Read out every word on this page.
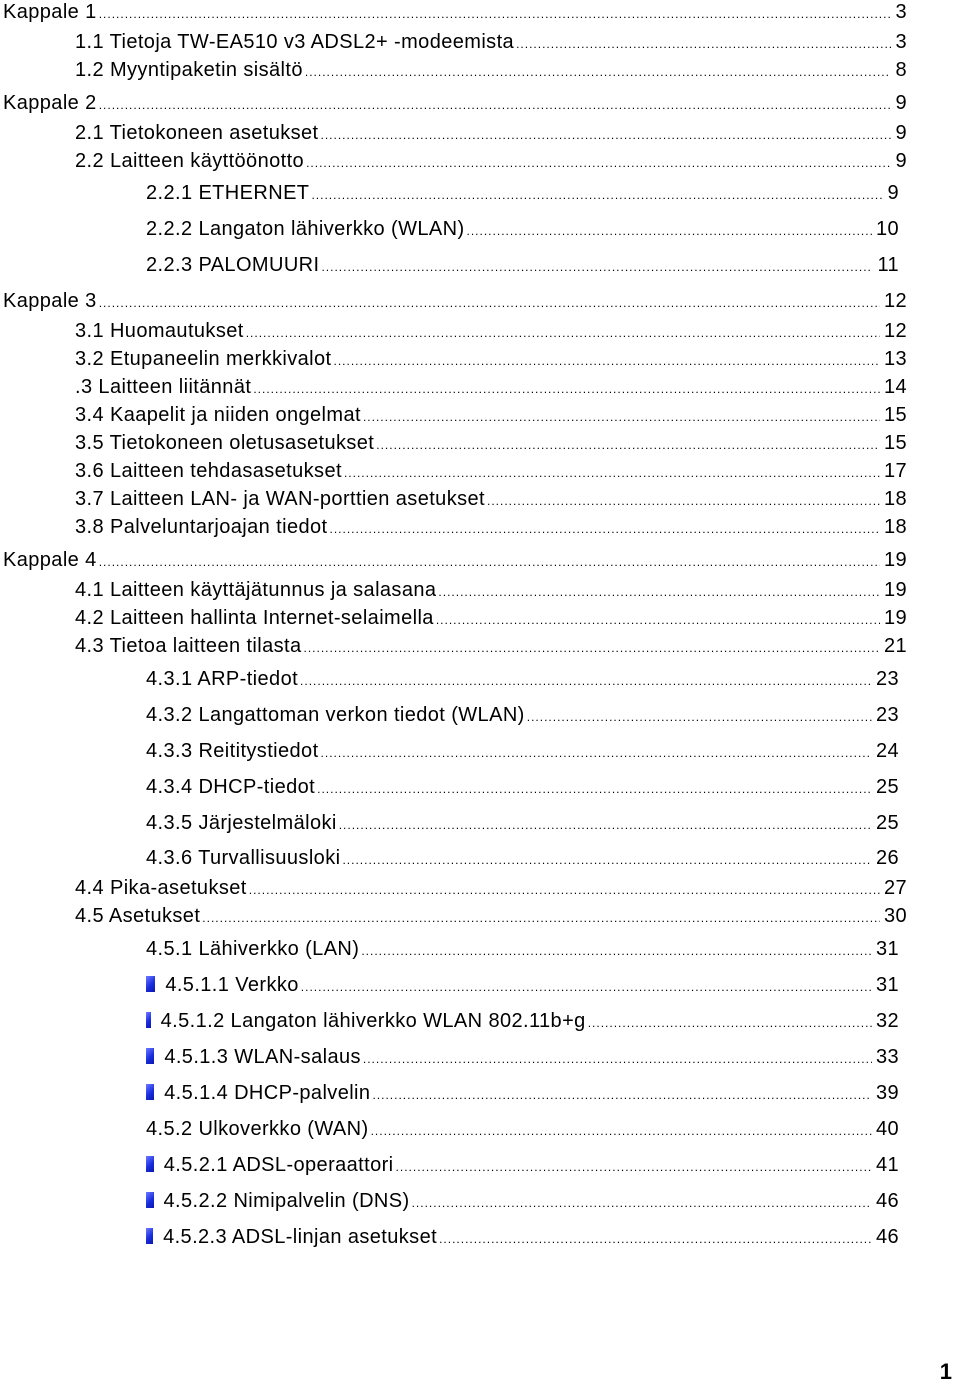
Kappale 1 .....	3
1.1 Tietoja TW-EA510 v3 ADSL2+ -modeemista .....	3
1.2 Myyntipaketin sisältö .....	8
Kappale 2 .....	9
2.1 Tietokoneen asetukset .....	9
2.2 Laitteen käyttöönotto .....	9
2.2.1 ETHERNET .....	9
2.2.2 Langaton lähiverkko (WLAN) .....	10
2.2.3 PALOMUURI .....	11
Kappale 3 .....	12
3.1 Huomautukset .....	12
3.2 Etupaneelin merkkivalot .....	13
.3 Laitteen liitännät .....	14
3.4 Kaapelit ja niiden ongelmat .....	15
3.5 Tietokoneen oletusasetukset .....	15
3.6 Laitteen tehdasasetukset .....	17
3.7 Laitteen LAN- ja WAN-porttien asetukset .....	18
3.8 Palveluntarjoajan tiedot .....	18
Kappale 4 .....	19
4.1 Laitteen käyttäjätunnus ja salasana .....	19
4.2 Laitteen hallinta Internet-selaimella .....	19
4.3 Tietoa laitteen tilasta .....	21
4.3.1 ARP-tiedot .....	23
4.3.2 Langattoman verkon tiedot (WLAN) .....	23
4.3.3 Reititystiedot .....	24
4.3.4 DHCP-tiedot .....	25
4.3.5 Järjestelmäloki .....	25
4.3.6 Turvallisuusloki .....	26
4.4 Pika-asetukset .....	27
4.5 Asetukset .....	30
4.5.1 Lähiverkko (LAN) .....	31
4.5.1.1 Verkko .....	31
4.5.1.2 Langaton lähiverkko WLAN 802.11b+g .....	32
4.5.1.3 WLAN-salaus .....	33
4.5.1.4 DHCP-palvelin .....	39
4.5.2 Ulkoverkko (WAN) .....	40
4.5.2.1 ADSL-operaattori .....	41
4.5.2.2 Nimipalvelin (DNS) .....	46
4.5.2.3 ADSL-linjan asetukset .....	46
1
